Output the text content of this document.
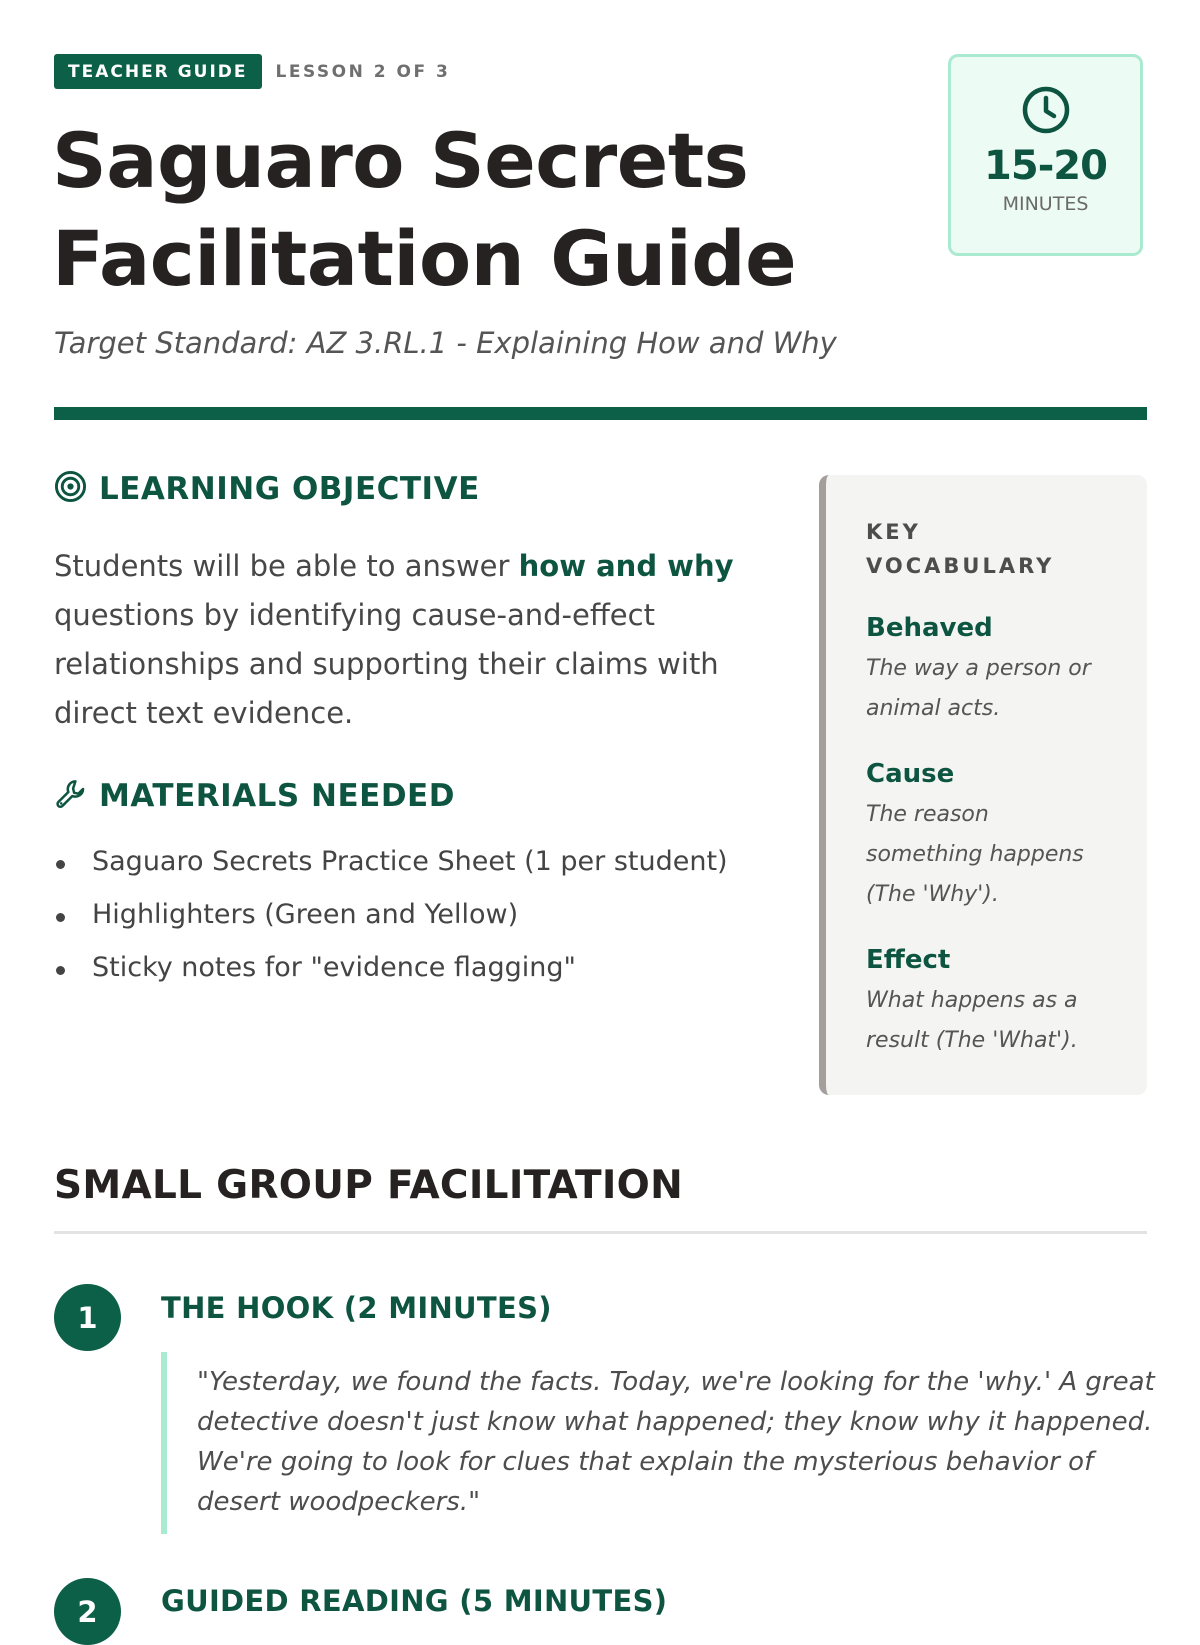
TEACHER GUIDE	LESSON 2 OF 3
Saguaro Secrets
Facilitation Guide
Target Standard: AZ 3.RL.1 - Explaining How and Why
15-20
MINUTES
LEARNING OBJECTIVE
Students will be able to answer how and why questions by identifying cause-and-effect relationships and supporting their claims with direct text evidence.
MATERIALS NEEDED
Saguaro Secrets Practice Sheet (1 per student)
Highlighters (Green and Yellow)
Sticky notes for "evidence flagging"
KEY VOCABULARY
Behaved
The way a person or animal acts.
Cause
The reason something happens (The 'Why').
Effect
What happens as a result (The 'What').
SMALL GROUP FACILITATION
1	THE HOOK (2 MINUTES)
"Yesterday, we found the facts. Today, we're looking for the 'why.' A great detective doesn't just know what happened; they know why it happened. We're going to look for clues that explain the mysterious behavior of desert woodpeckers."
2	GUIDED READING (5 MINUTES)
